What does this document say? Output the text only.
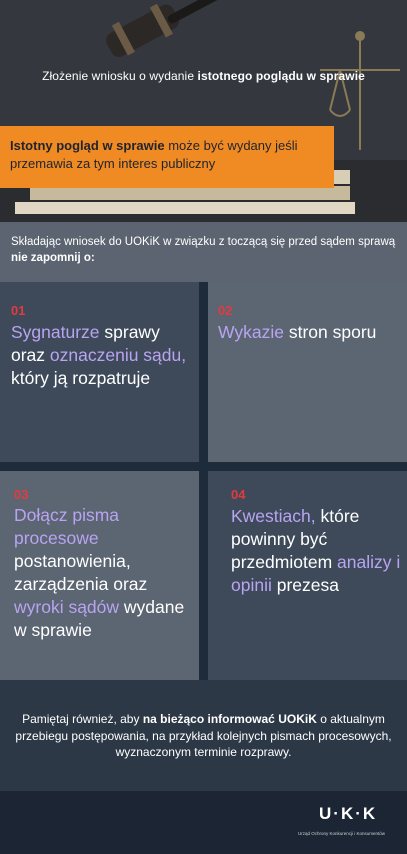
Złożenie wniosku o wydanie istotnego poglądu w sprawie
Istotny pogląd w sprawie może być wydany jeśli przemawia za tym interes publiczny
Składając wniosek do UOKiK w związku z toczącą się przed sądem sprawą nie zapomnij o:
01
Sygnaturze sprawy oraz oznaczeniu sądu, który ją rozpatruje
02
Wykazie stron sporu
03
Dołącz pisma procesowe postanowienia, zarządzenia oraz wyroki sądów wydane w sprawie
04
Kwestiach, które powinny być przedmiotem analizy i opinii prezesa
Pamiętaj również, aby na bieżąco informować UOKiK o aktualnym przebiegu postępowania, na przykład kolejnych pismach procesowych, wyznaczonym terminie rozprawy.
U·K·K
Urząd Ochrony Konkurencji i Konsumentów
